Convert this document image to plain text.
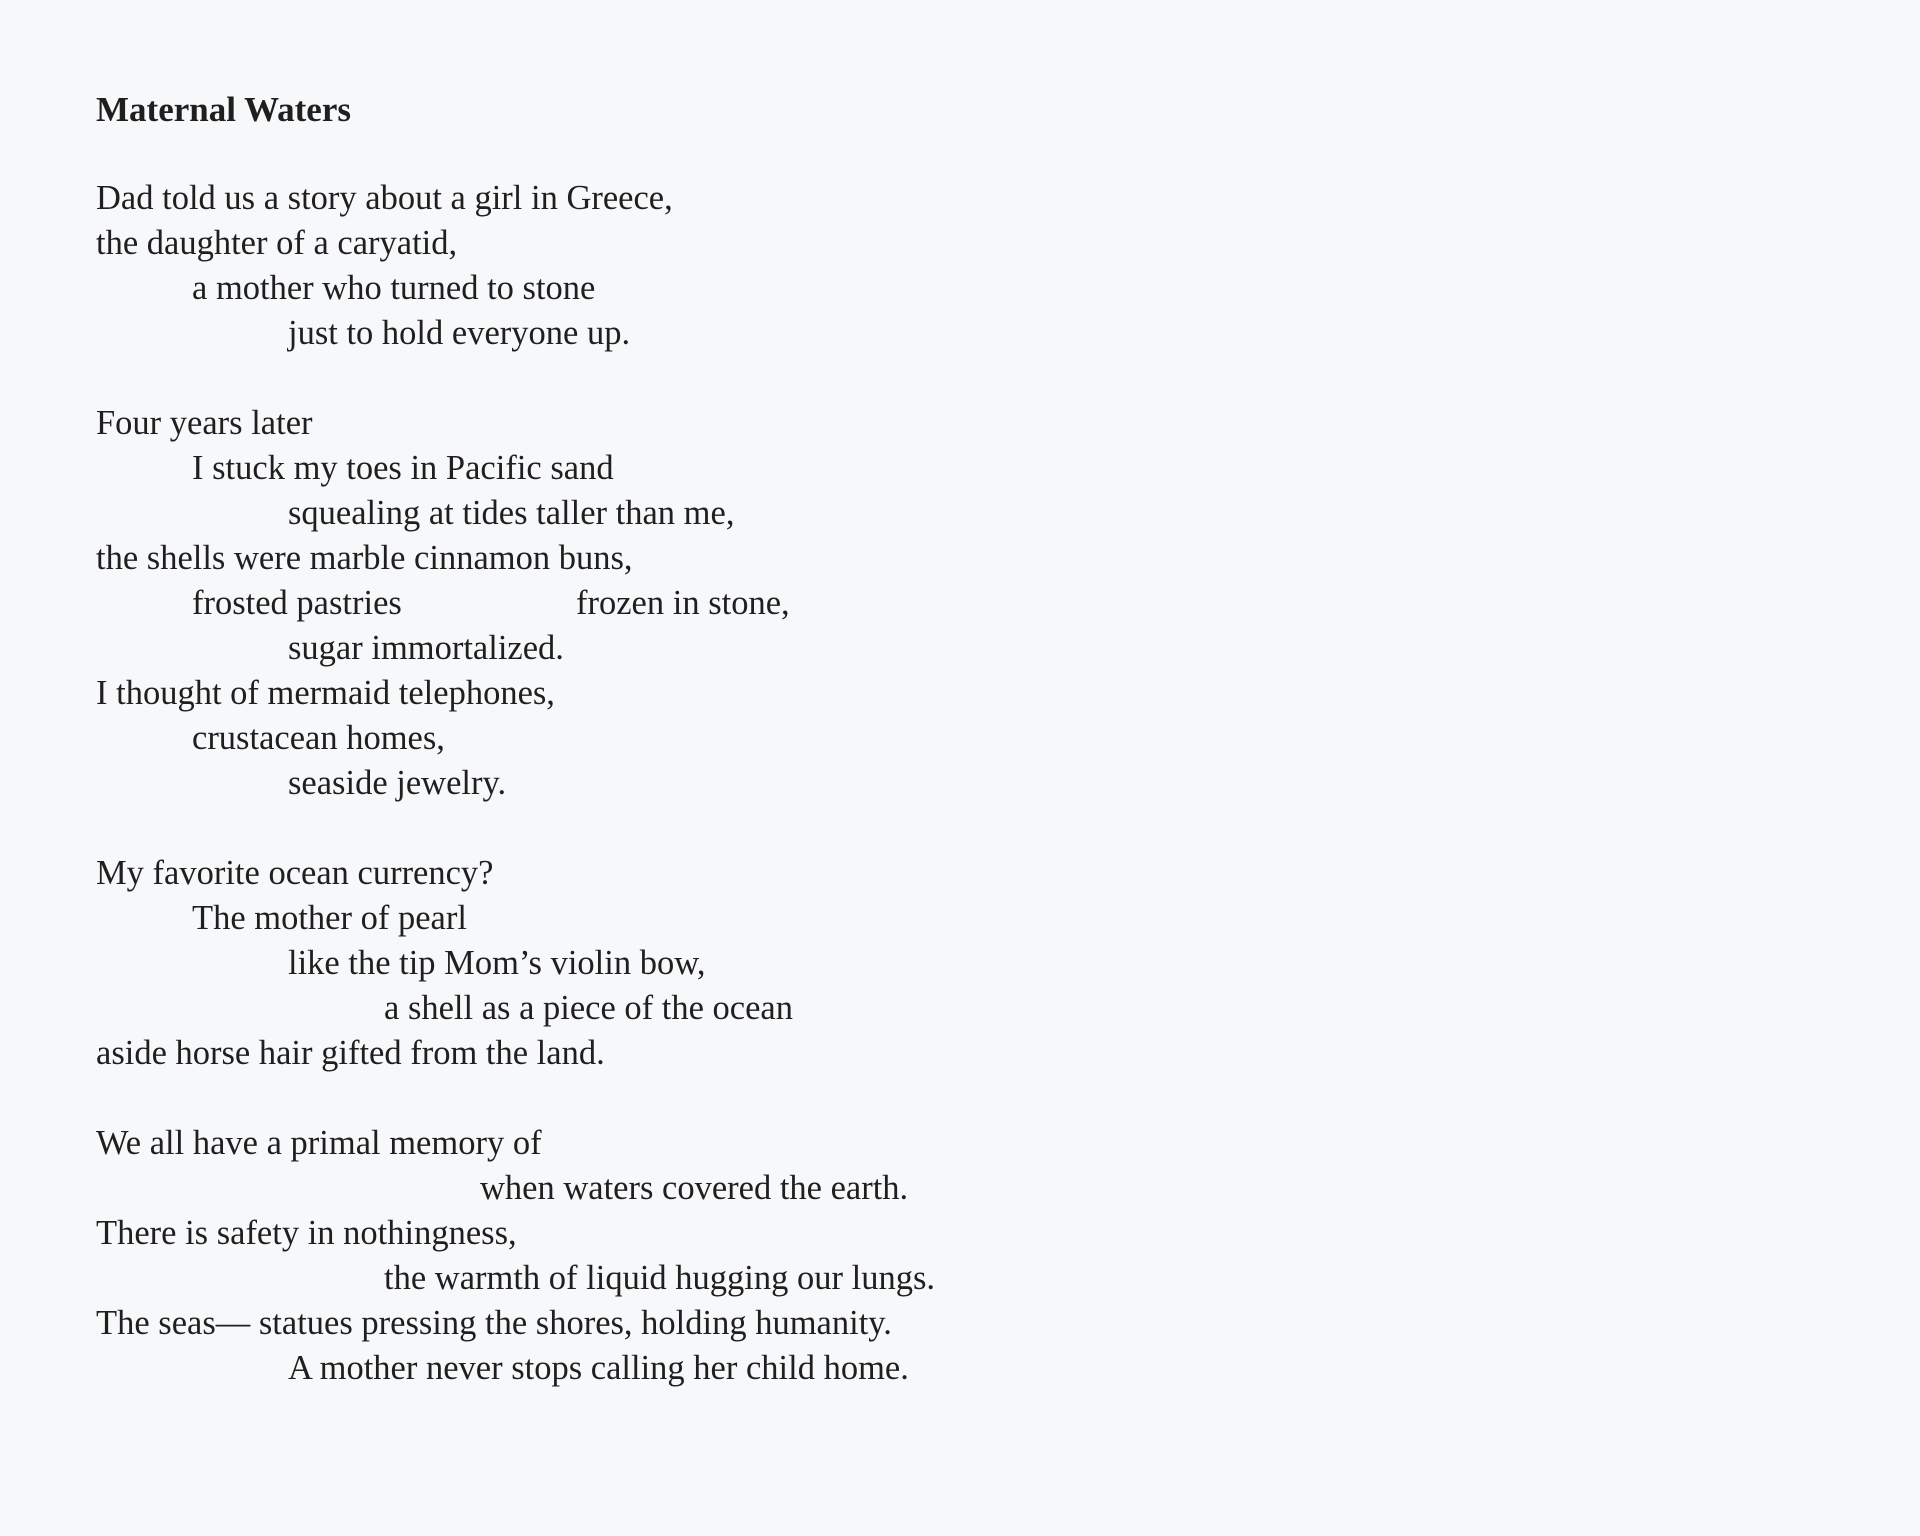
Maternal Waters

Dad told us a story about a girl in Greece,

the daughter of a caryatid,

a mother who turned to stone

just to hold everyone up.

Four years later

I stuck my toes in Pacific sand

squealing at tides taller than me,

the shells were marble cinnamon buns,

frosted pastries	frozen in stone,

sugar immortalized.

I thought of mermaid telephones,

crustacean homes,

seaside jewelry.

My favorite ocean currency?

The mother of pearl

like the tip Mom’s violin bow,

a shell as a piece of the ocean

aside horse hair gifted from the land.

We all have a primal memory of

when waters covered the earth.

There is safety in nothingness,

the warmth of liquid hugging our lungs.

The seas— statues pressing the shores, holding humanity.

A mother never stops calling her child home.
